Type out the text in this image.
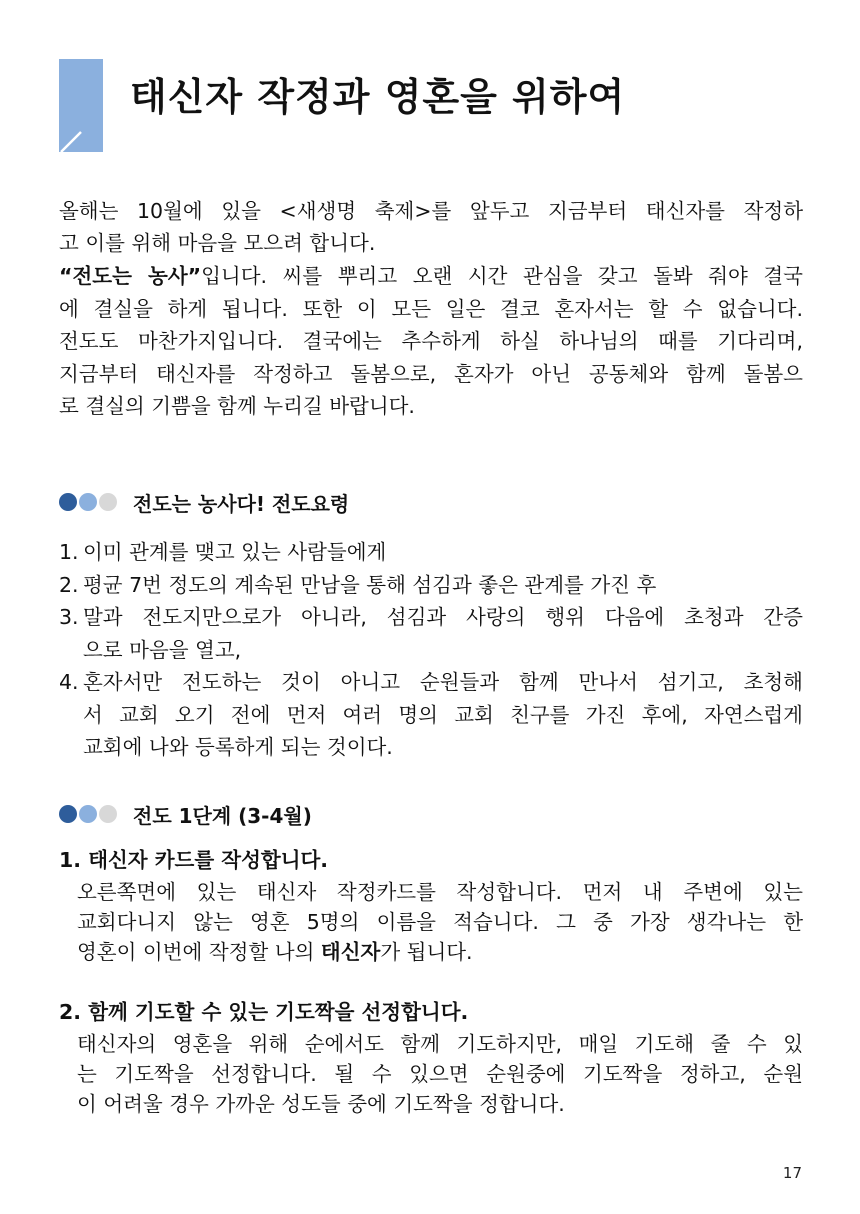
태신자 작정과 영혼을 위하여

올해는 10월에 있을 <새생명 축제>를 앞두고 지금부터 태신자를 작정하

고 이를 위해 마음을 모으려 합니다.

“전도는 농사”입니다. 씨를 뿌리고 오랜 시간 관심을 갖고 돌봐 줘야 결국

에 결실을 하게 됩니다. 또한 이 모든 일은 결코 혼자서는 할 수 없습니다.

전도도 마찬가지입니다. 결국에는 추수하게 하실 하나님의 때를 기다리며,

지금부터 태신자를 작정하고 돌봄으로, 혼자가 아닌 공동체와 함께 돌봄으

로 결실의 기쁨을 함께 누리길 바랍니다.

전도는 농사다! 전도요령
1. 이미 관계를 맺고 있는 사람들에게
2. 평균 7번 정도의 계속된 만남을 통해 섬김과 좋은 관계를 가진 후
3. 말과 전도지만으로가 아니라, 섬김과 사랑의 행위 다음에 초청과 간증
으로 마음을 열고,
4. 혼자서만 전도하는 것이 아니고 순원들과 함께 만나서 섬기고, 초청해
서 교회 오기 전에 먼저 여러 명의 교회 친구를 가진 후에, 자연스럽게
교회에 나와 등록하게 되는 것이다.
전도 1단계 (3-4월)

1. 태신자 카드를 작성합니다.

오른쪽면에 있는 태신자 작정카드를 작성합니다. 먼저 내 주변에 있는

교회다니지 않는 영혼 5명의 이름을 적습니다. 그 중 가장 생각나는 한

영혼이 이번에 작정할 나의 태신자가 됩니다.

2. 함께 기도할 수 있는 기도짝을 선정합니다.

태신자의 영혼을 위해 순에서도 함께 기도하지만, 매일 기도해 줄 수 있

는 기도짝을 선정합니다. 될 수 있으면 순원중에 기도짝을 정하고, 순원

이 어려울 경우 가까운 성도들 중에 기도짝을 정합니다.

17
